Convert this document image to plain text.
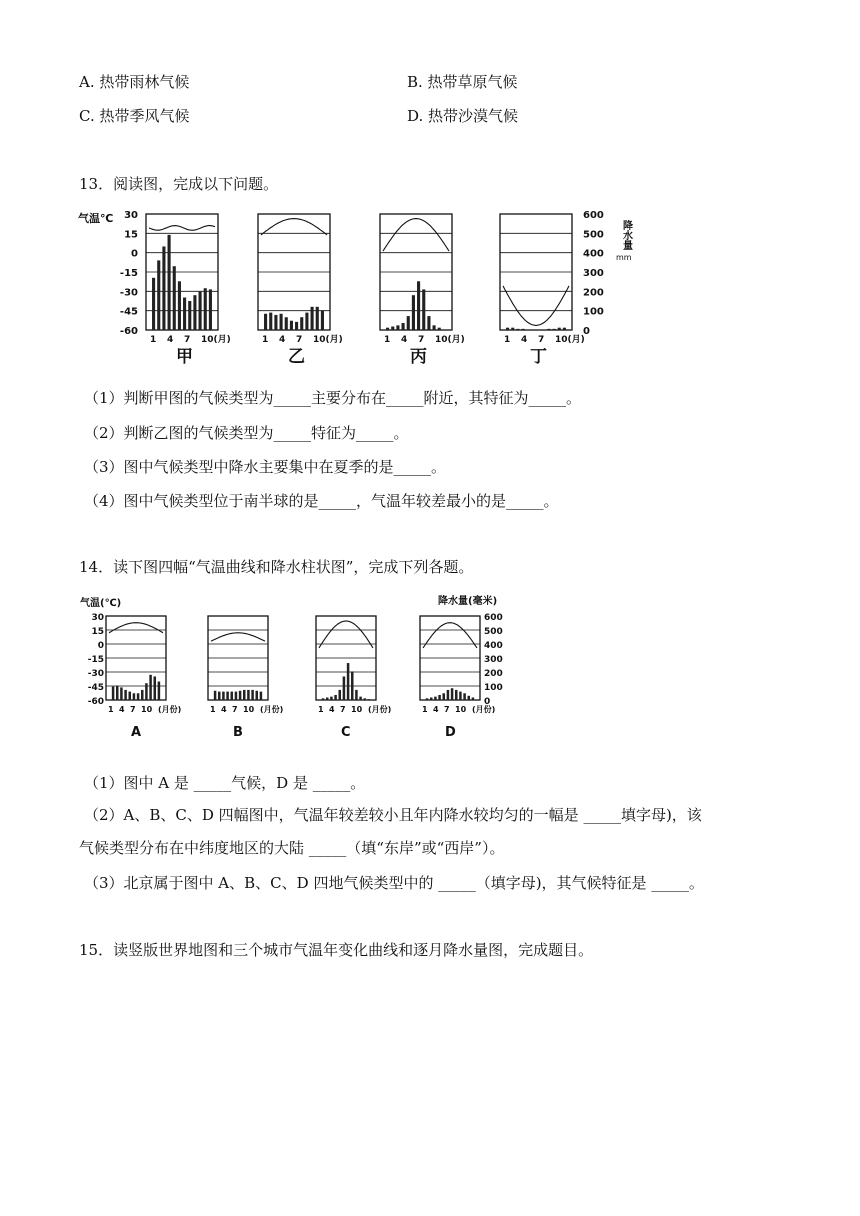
A. 热带雨林气候	B. 热带草原气候
C. 热带季风气候	D. 热带沙漠气候
13．阅读图，完成以下问题。
气温℃
降水量
mm
30
15
0
-15
-30
-45
-60
600
500
400
300
200
100
0
1 4 7 10(月)
甲
1 4 7 10(月)
乙
1 4 7 10(月)
丙
1 4 7 10(月)
丁
（1）判断甲图的气候类型为_____主要分布在_____附近，其特征为_____。
（2）判断乙图的气候类型为_____特征为_____。
（3）图中气候类型中降水主要集中在夏季的是_____。
（4）图中气候类型位于南半球的是_____，气温年较差最小的是_____。
14．读下图四幅“气温曲线和降水柱状图”，完成下列各题。
气温(℃)	降水量(毫米)
30
15
0
-15
-30
-45
-60
600
500
400
300
200
100
0
1 4 7 10 (月份)
A
1 4 7 10 (月份)
B
1 4 7 10 (月份)
C
1 4 7 10 (月份)
D
（1）图中 A 是 _____气候，D 是 _____。
（2）A、B、C、D 四幅图中，气温年较差较小且年内降水较均匀的一幅是 _____填字母)，该
气候类型分布在中纬度地区的大陆 _____（填“东岸”或“西岸”）。
（3）北京属于图中 A、B、C、D 四地气候类型中的 _____（填字母)，其气候特征是 _____。
15．读竖版世界地图和三个城市气温年变化曲线和逐月降水量图，完成题目。
